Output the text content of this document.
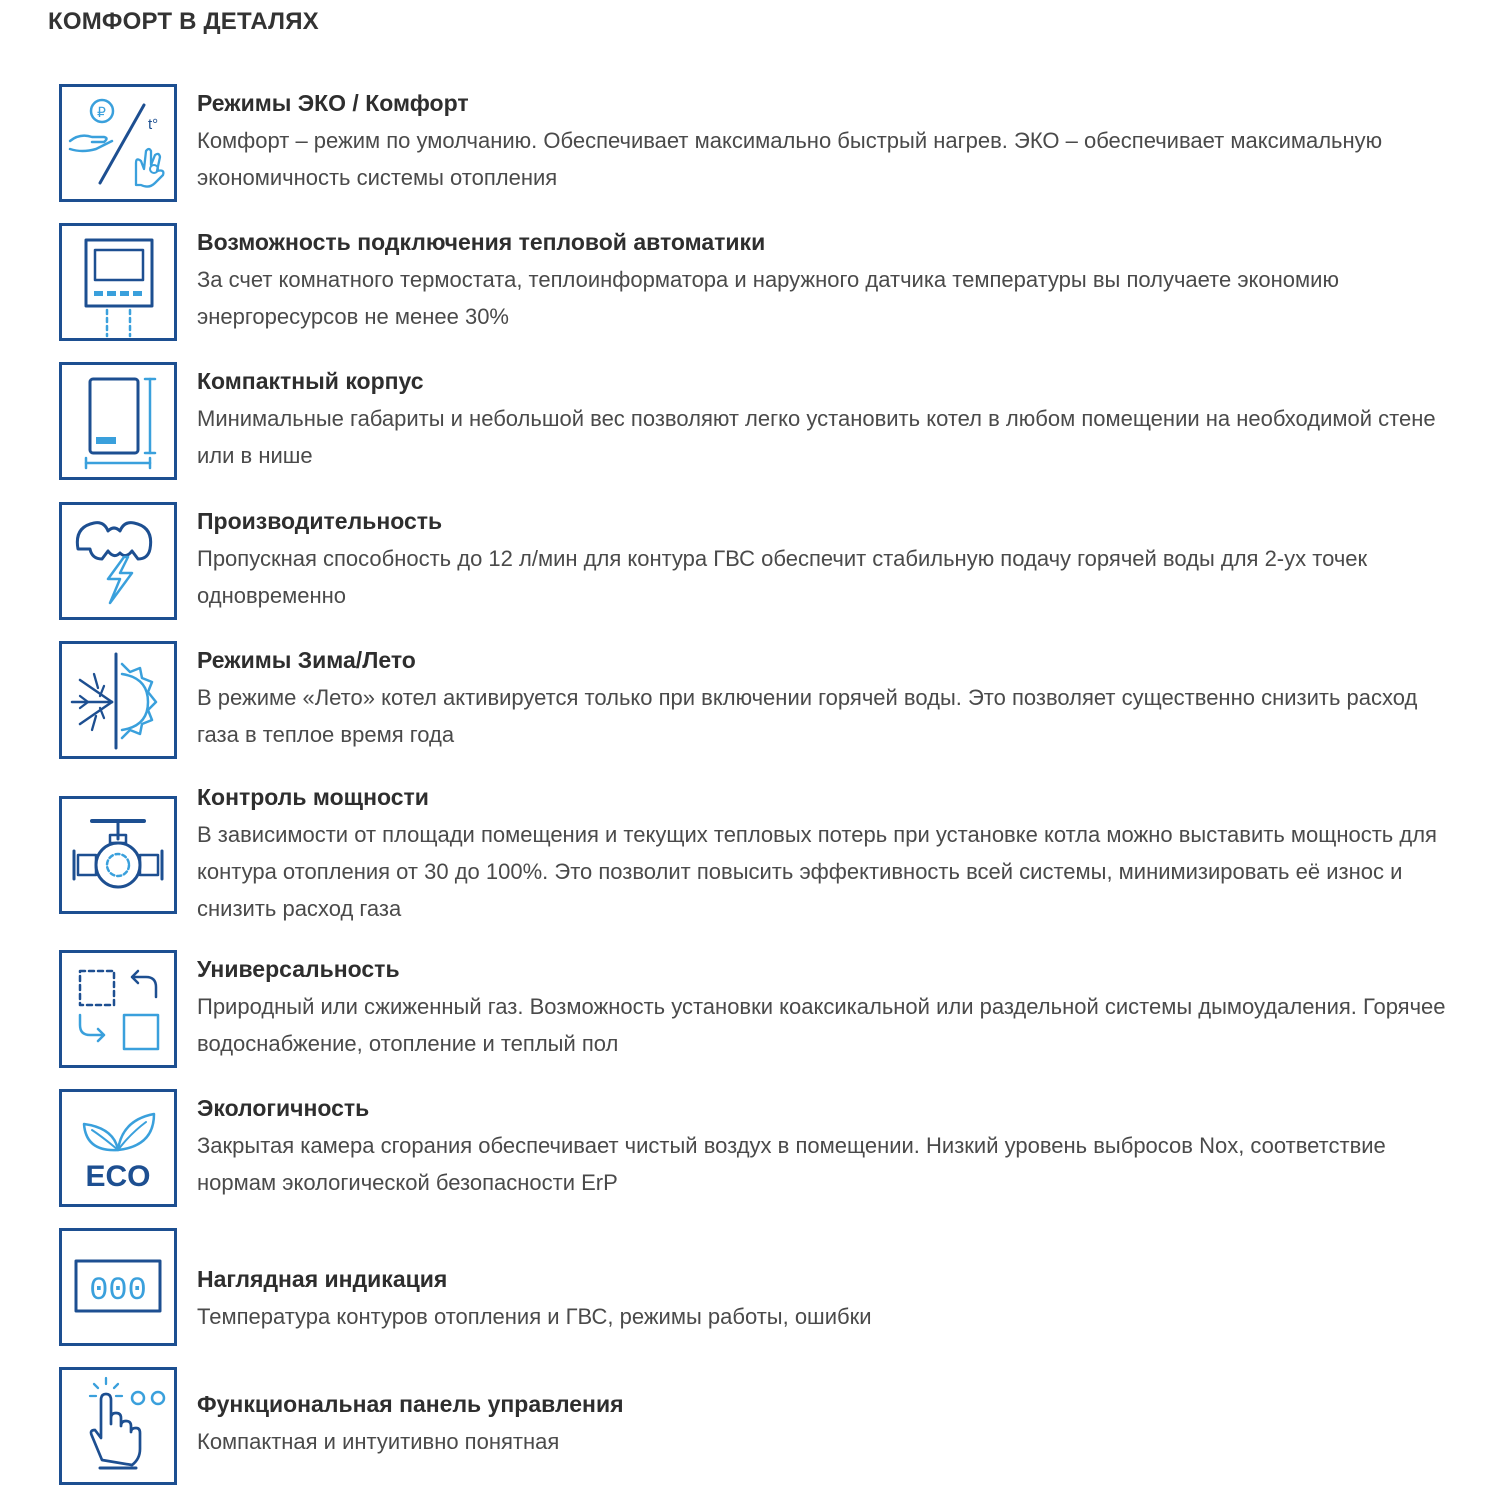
КОМФОРТ В ДЕТАЛЯХ
₽
t°
Режимы ЭКО / Комфорт

Комфорт – режим по умолчанию. Обеспечивает максимально быстрый нагрев. ЭКО – обеспечивает максимальную экономичность системы отопления

Возможность подключения тепловой автоматики

За счет комнатного термостата, теплоинформатора и наружного датчика температуры вы получаете экономию энергоресурсов не менее 30%

Компактный корпус

Минимальные габариты и небольшой вес позволяют легко установить котел в любом помещении на необходимой стене или в нише

Производительность

Пропускная способность до 12 л/мин для контура ГВС обеспечит стабильную подачу горячей воды для 2-ух точек одновременно

Режимы Зима/Лето

В режиме «Лето» котел активируется только при включении горячей воды. Это позволяет существенно снизить расход газа в теплое время года

Контроль мощности

В зависимости от площади помещения и текущих тепловых потерь при установке котла можно выставить мощность для контура отопления от 30 до 100%. Это позволит повысить эффективность всей системы, минимизировать её износ и снизить расход газа

Универсальность

Природный или сжиженный газ. Возможность установки коаксикальной или раздельной системы дымоудаления. Горячее водоснабжение, отопление и теплый пол

ECO
Экологичность

Закрытая камера сгорания обеспечивает чистый воздух в помещении. Низкий уровень выбросов Nox, соответствие нормам экологической безопасности ErP

000 Наглядная индикация

Температура контуров отопления и ГВС, режимы работы, ошибки

Функциональная панель управления

Компактная и интуитивно понятная
